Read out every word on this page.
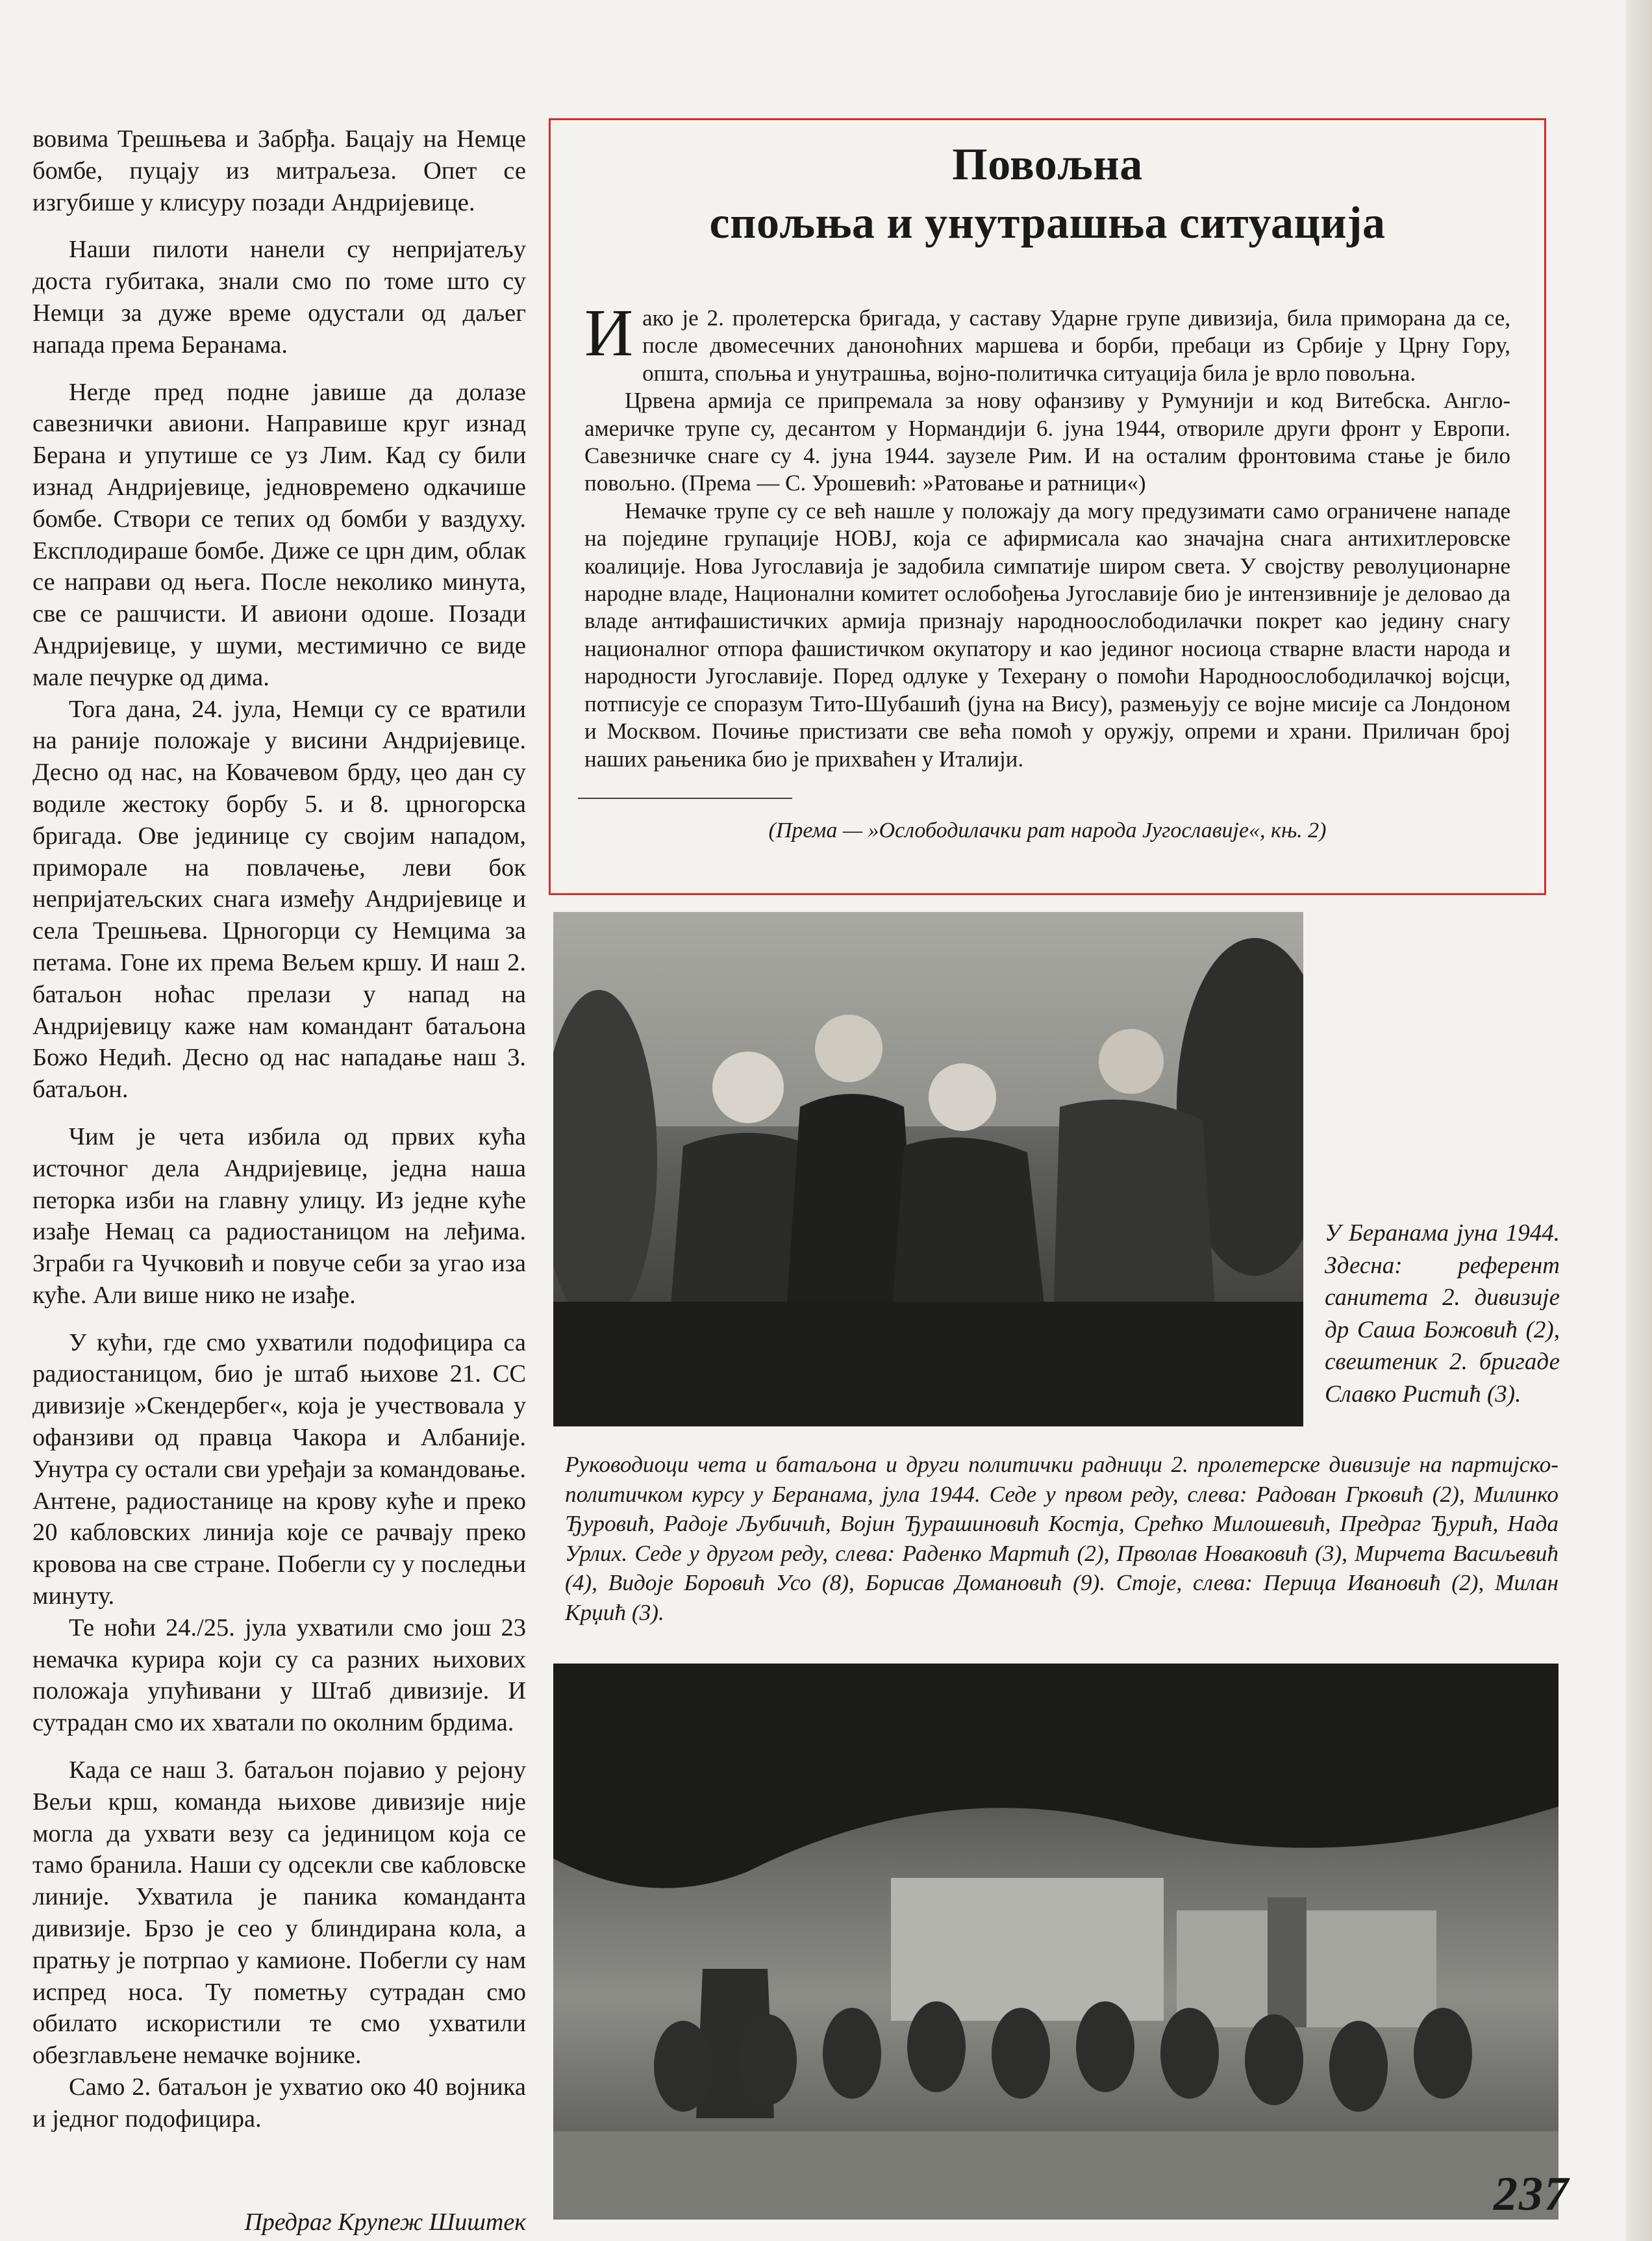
вовима Трешњева и Забрђа. Бацају на Немце бомбе, пуцају из митраљеза. Опет се изгубише у клисуру позади Андријевице.

Наши пилоти нанели су непријатељу доста губитака, знали смо по томе што су Немци за дуже време одустали од даљег напада према Беранама.

Негде пред подне јавише да долазе савезнички авиони. Направише круг изнад Берана и упутише се уз Лим. Кад су били изнад Андријевице, једновремено одкачише бомбе. Створи се тепих од бомби у ваздуху. Експлодираше бомбе. Диже се црн дим, облак се направи од њега. После неколико минута, све се рашчисти. И авиони одоше. Позади Андријевице, у шуми, местимично се виде мале печурке од дима.

Тога дана, 24. јула, Немци су се вратили на раније положаје у висини Андријевице. Десно од нас, на Ковачевом брду, цео дан су водиле жестоку борбу 5. и 8. црногорска бригада. Ове јединице су својим нападом, приморале на повлачење, леви бок непријатељских снага између Андријевице и села Трешњева. Црногорци су Немцима за петама. Гоне их према Вељем кршу. И наш 2. батаљон ноћас прелази у напад на Андријевицу каже нам командант батаљона Божо Недић. Десно од нас нападање наш 3. батаљон.

Чим је чета избила од првих кућа источног дела Андријевице, једна наша петорка изби на главну улицу. Из једне куће изађе Немац са радиостаницом на леђима. Зграби га Чучковић и повуче себи за угао иза куће. Али више нико не изађе.

У кући, где смо ухватили подофицира са радиостаницом, био је штаб њихове 21. СС дивизије »Скендербег«, која је учествовала у офанзиви од правца Чакора и Албаније. Унутра су остали сви уређаји за командовање. Антене, радиостанице на крову куће и преко 20 кабловских линија које се рачвају преко кровова на све стране. Побегли су у последњи минуту.

Те ноћи 24./25. јула ухватили смо још 23 немачка курира који су са разних њихових положаја упућивани у Штаб дивизије. И сутрадан смо их хватали по околним брдима.

Када се наш 3. батаљон појавио у рејону Вељи крш, команда њихове дивизије није могла да ухвати везу са јединицом која се тамо бранила. Наши су одсекли све кабловске линије. Ухватила је паника команданта дивизије. Брзо је сео у блиндирана кола, а пратњу је потрпао у камионе. Побегли су нам испред носа. Ту пометњу сутрадан смо обилато искористили те смо ухватили обезглављене немачке војнике.

Само 2. батаљон је ухватио око 40 војника и једног подофицира.

Предраг Крупеж Шиштек

Повољна
спољња и унутрашња ситуација

Иако је 2. пролетерска бригада, у саставу Ударне групе дивизија, била приморана да се, после двомесечних данонoћних маршева и борби, пребаци из Србије у Црну Гору, општа, спољња и унутрашња, војно-политичка ситуација била је врло повољна.

Црвена армија се припремала за нову офанзиву у Румунији и код Витебска. Англо-америчке трупе су, десантом у Нормандији 6. јуна 1944, отвориле други фронт у Европи. Савезничке снаге су 4. јуна 1944. заузеле Рим. И на осталим фронтовима стање је било повољно. (Према — С. Урошевић: »Ратовање и ратници«)

Немачке трупе су се већ нашле у положају да могу предузимати само ограничене нападе на поједине групације НОВЈ, која се афирмисала као значајна снага антихитлеровске коалиције. Нова Југославија је задобила симпатије широм света. У својству револуционарне народне владе, Национални комитет ослобођења Југославије био је интензивније је деловао да владе антифашистичких армија признају народноослободилачки покрет као једину снагу националног отпора фашистичком окупатору и као јединог носиоца стварне власти народа и народности Југославије. Поред одлуке у Техерану о помоћи Народноослободилачкој војсци, потписује се споразум Тито-Шубашић (јуна на Вису), размењују се војне мисије са Лондоном и Москвом. Почиње пристизати све већа помоћ у оружју, опреми и храни. Приличан број наших рањеника био је прихваћен у Италији.

(Према — »Ослободилачки рат народа Југославије«, књ. 2)
У Беранама јуна 1944. Здесна: референт санитета 2. дивизије др Саша Божовић (2), свештеник 2. бригаде Славко Ристић (3).
Руководиоци чета и батаљона и други политички радници 2. пролетерске дивизије на партијско-политичком курсу у Беранама, јула 1944. Седе у првом реду, слева: Радован Грковић (2), Милинко Ђуровић, Радоје Љубичић, Војин Ђурашиновић Костја, Срећко Милошевић, Предраг Ђурић, Нада Урлих. Седе у другом реду, слева: Раденко Мартић (2), Прволав Новаковић (3), Мирчета Васиљевић (4), Видоје Боровић Усо (8), Борисав Домановић (9). Стоје, слева: Перица Ивановић (2), Милан Крџић (3).
237
